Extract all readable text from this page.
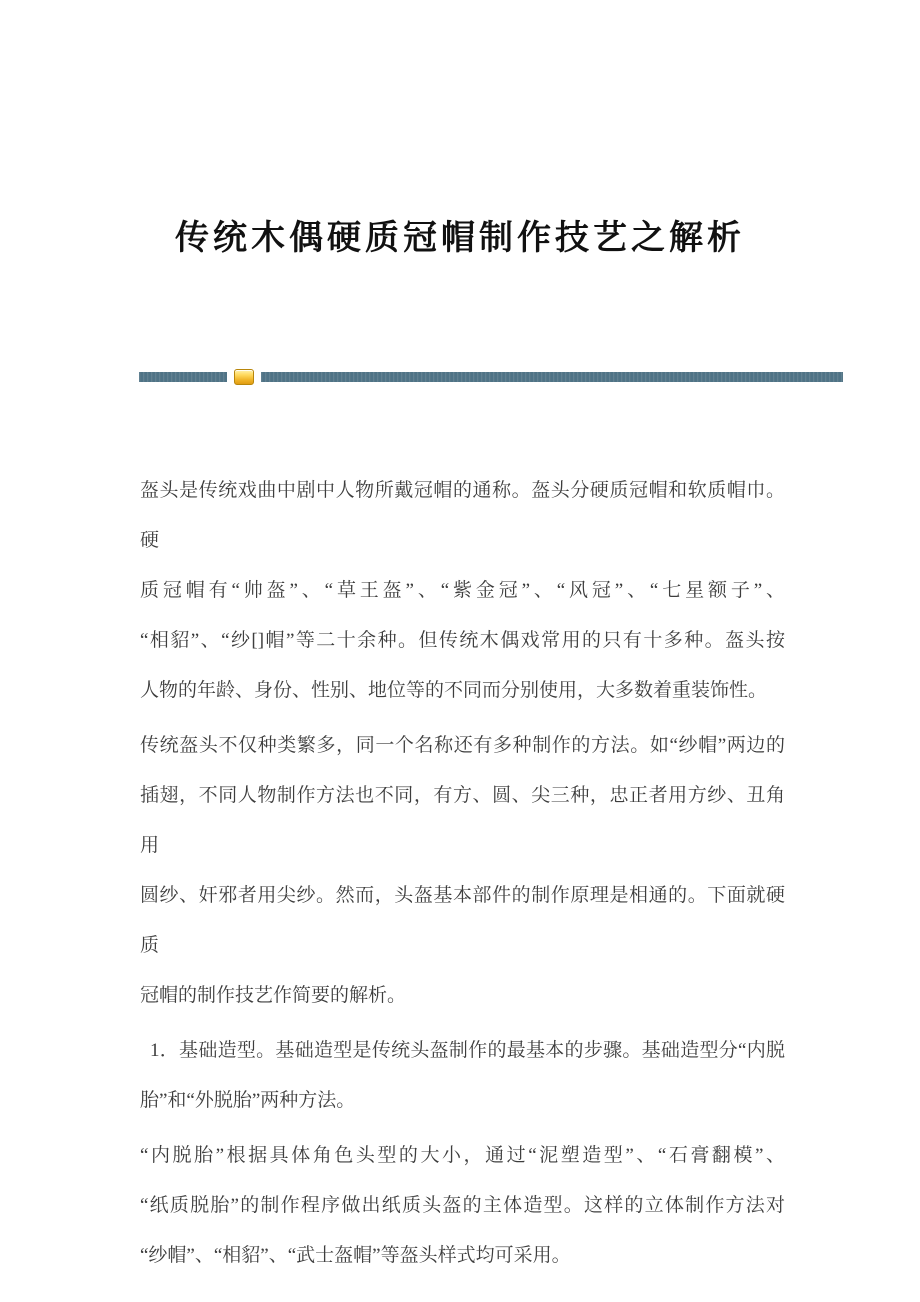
传统木偶硬质冠帽制作技艺之解析
盔头是传统戏曲中剧中人物所戴冠帽的通称。盔头分硬质冠帽和软质帽巾。硬
质冠帽有“帅盔”、“草王盔”、“紫金冠”、“风冠”、“七星额子”、
“相貂”、“纱[]帽”等二十余种。但传统木偶戏常用的只有十多种。盔头按
人物的年龄、身份、性别、地位等的不同而分别使用，大多数着重装饰性。
传统盔头不仅种类繁多，同一个名称还有多种制作的方法。如“纱帽”两边的
插翅，不同人物制作方法也不同，有方、圆、尖三种，忠正者用方纱、丑角用
圆纱、奸邪者用尖纱。然而，头盔基本部件的制作原理是相通的。下面就硬质
冠帽的制作技艺作简要的解析。
1．基础造型。基础造型是传统头盔制作的最基本的步骤。基础造型分“内脱
胎”和“外脱胎”两种方法。
“内脱胎”根据具体角色头型的大小，通过“泥塑造型”、“石膏翻模”、
“纸质脱胎”的制作程序做出纸质头盔的主体造型。这样的立体制作方法对
“纱帽”、“相貂”、“武士盔帽”等盔头样式均可采用。
